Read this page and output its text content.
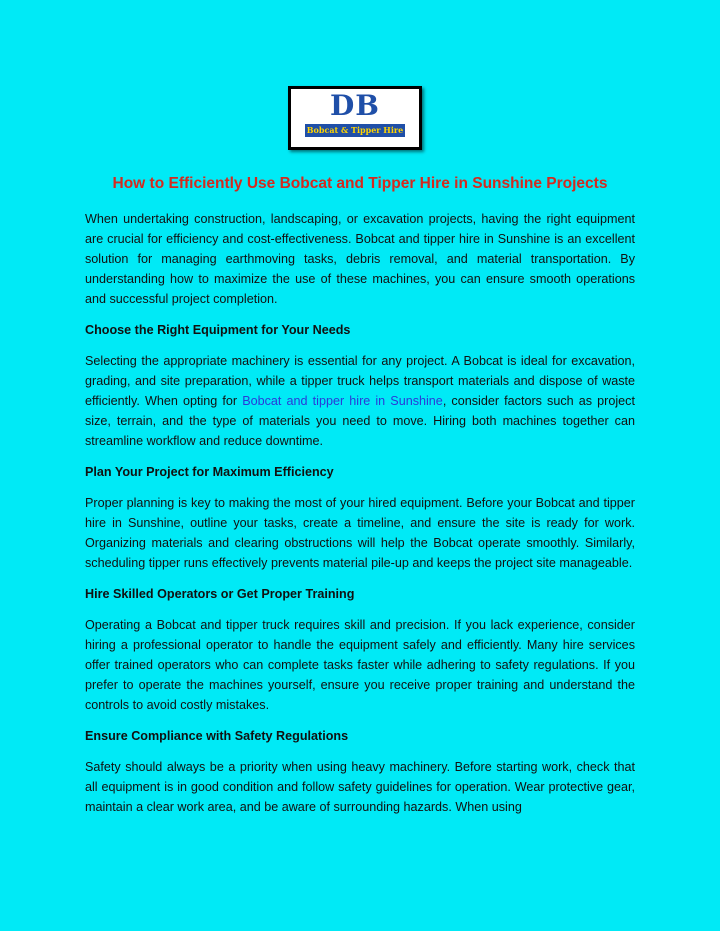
DB
Bobcat & Tipper Hire
How to Efficiently Use Bobcat and Tipper Hire in Sunshine Projects

When undertaking construction, landscaping, or excavation projects, having the right equipment are crucial for efficiency and cost-effectiveness. Bobcat and tipper hire in Sunshine is an excellent solution for managing earthmoving tasks, debris removal, and material transportation. By understanding how to maximize the use of these machines, you can ensure smooth operations and successful project completion.

Choose the Right Equipment for Your Needs

Selecting the appropriate machinery is essential for any project. A Bobcat is ideal for excavation, grading, and site preparation, while a tipper truck helps transport materials and dispose of waste efficiently. When opting for Bobcat and tipper hire in Sunshine, consider factors such as project size, terrain, and the type of materials you need to move. Hiring both machines together can streamline workflow and reduce downtime.

Plan Your Project for Maximum Efficiency

Proper planning is key to making the most of your hired equipment. Before your Bobcat and tipper hire in Sunshine, outline your tasks, create a timeline, and ensure the site is ready for work. Organizing materials and clearing obstructions will help the Bobcat operate smoothly. Similarly, scheduling tipper runs effectively prevents material pile-up and keeps the project site manageable.

Hire Skilled Operators or Get Proper Training

Operating a Bobcat and tipper truck requires skill and precision. If you lack experience, consider hiring a professional operator to handle the equipment safely and efficiently. Many hire services offer trained operators who can complete tasks faster while adhering to safety regulations. If you prefer to operate the machines yourself, ensure you receive proper training and understand the controls to avoid costly mistakes.

Ensure Compliance with Safety Regulations

Safety should always be a priority when using heavy machinery. Before starting work, check that all equipment is in good condition and follow safety guidelines for operation. Wear protective gear, maintain a clear work area, and be aware of surrounding hazards. When using
